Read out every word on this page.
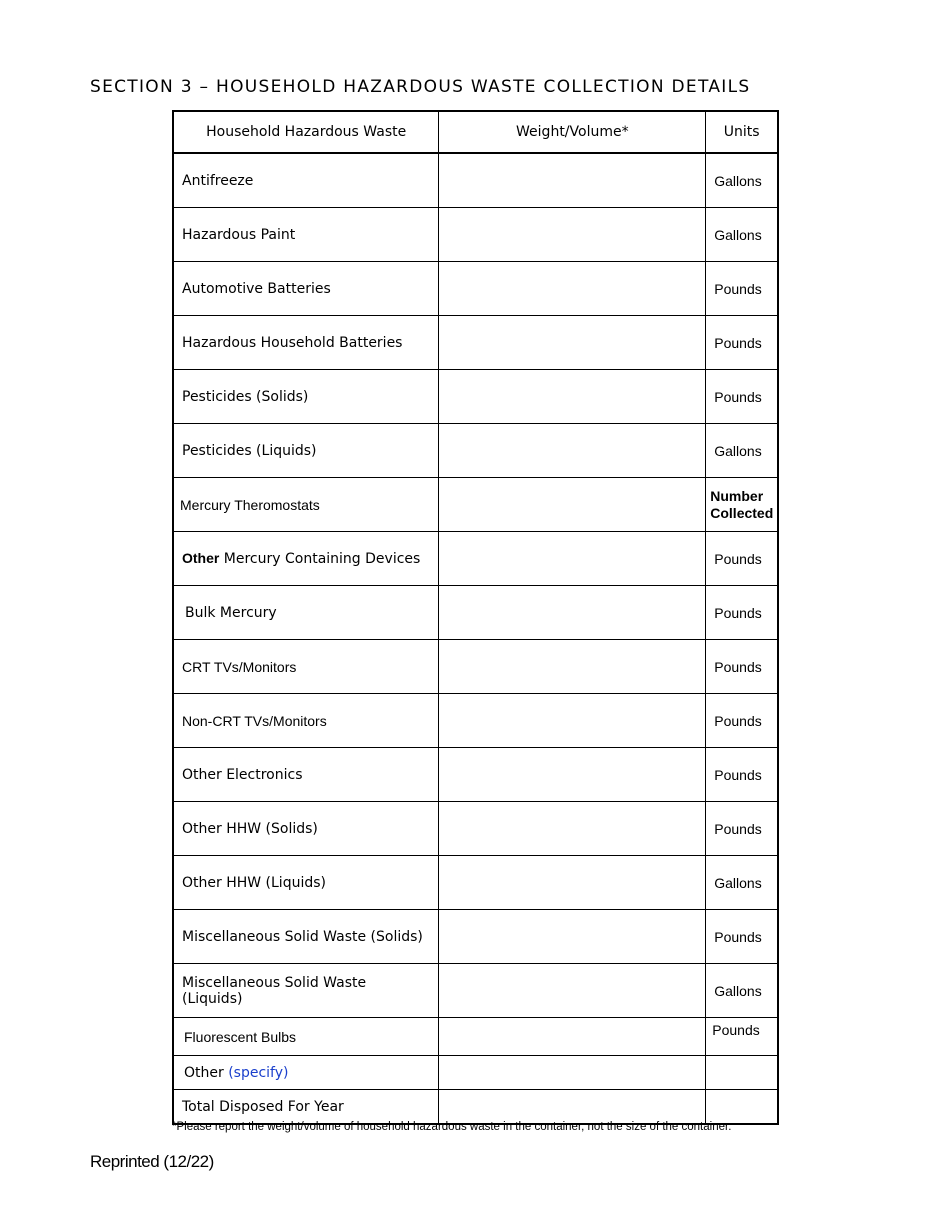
SECTION 3 – HOUSEHOLD HAZARDOUS WASTE COLLECTION DETAILS
Household Hazardous Waste	Weight/Volume*	Units
Antifreeze		Gallons
Hazardous Paint		Gallons
Automotive Batteries		Pounds
Hazardous Household Batteries		Pounds
Pesticides (Solids)		Pounds
Pesticides (Liquids)		Gallons
Mercury Theromostats		Number Collected
Other Mercury Containing Devices		Pounds
Bulk Mercury		Pounds
CRT TVs/Monitors		Pounds
Non-CRT TVs/Monitors		Pounds
Other Electronics		Pounds
Other HHW (Solids)		Pounds
Other HHW (Liquids)		Gallons
Miscellaneous Solid Waste (Solids)		Pounds
Miscellaneous Solid Waste (Liquids)		Gallons
Fluorescent Bulbs		Pounds
Other (specify)		
Total Disposed For Year		
*Please report the weight/volume of household hazardous waste in the container, not the size of the container.
Reprinted (12/22)
